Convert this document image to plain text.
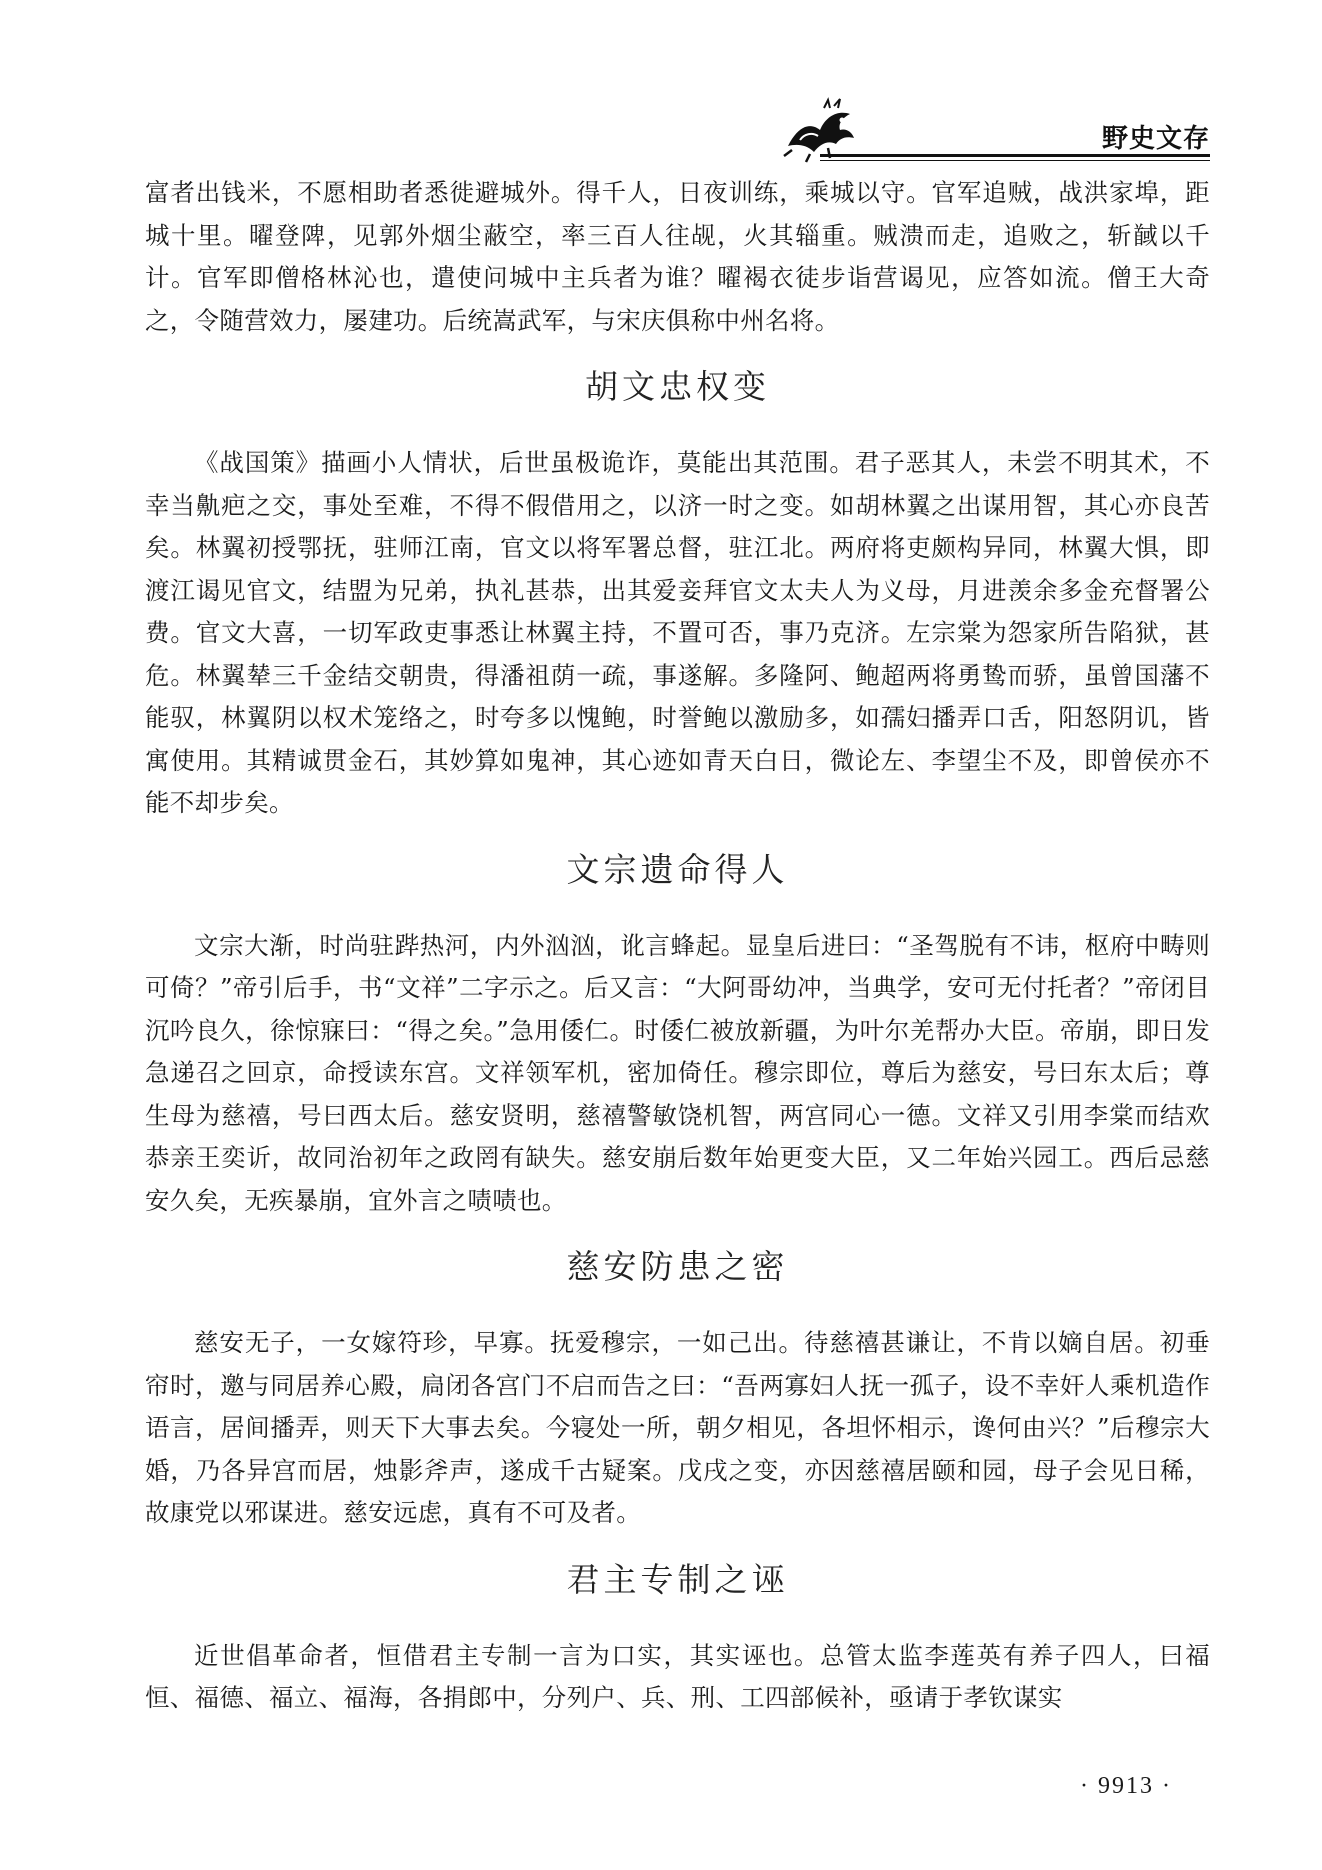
野史文存

富者出钱米，不愿相助者悉徙避城外。得千人，日夜训练，乘城以守。官军追贼，战洪家埠，距城十里。曜登陴，见郭外烟尘蔽空，率三百人往觇，火其辎重。贼溃而走，追败之，斩馘以千计。官军即僧格林沁也，遣使问城中主兵者为谁？曜褐衣徒步诣营谒见，应答如流。僧王大奇之，令随营效力，屡建功。后统嵩武军，与宋庆俱称中州名将。

胡文忠权变

《战国策》描画小人情状，后世虽极诡诈，莫能出其范围。君子恶其人，未尝不明其术，不幸当鼽疤之交，事处至难，不得不假借用之，以济一时之变。如胡林翼之出谋用智，其心亦良苦矣。林翼初授鄂抚，驻师江南，官文以将军署总督，驻江北。两府将吏颇构异同，林翼大惧，即渡江谒见官文，结盟为兄弟，执礼甚恭，出其爱妾拜官文太夫人为义母，月进羡余多金充督署公费。官文大喜，一切军政吏事悉让林翼主持，不置可否，事乃克济。左宗棠为怨家所告陷狱，甚危。林翼辇三千金结交朝贵，得潘祖荫一疏，事遂解。多隆阿、鲍超两将勇鸷而骄，虽曾国藩不能驭，林翼阴以权术笼络之，时夸多以愧鲍，时誉鲍以激励多，如孺妇播弄口舌，阳怒阴讥，皆寓使用。其精诚贯金石，其妙算如鬼神，其心迹如青天白日，微论左、李望尘不及，即曾侯亦不能不却步矣。

文宗遗命得人

文宗大渐，时尚驻跸热河，内外汹汹，讹言蜂起。显皇后进曰：“圣驾脱有不讳，枢府中畴则可倚？”帝引后手，书“文祥”二字示之。后又言：“大阿哥幼冲，当典学，安可无付托者？”帝闭目沉吟良久，徐惊寐曰：“得之矣。”急用倭仁。时倭仁被放新疆，为叶尔羌帮办大臣。帝崩，即日发急递召之回京，命授读东宫。文祥领军机，密加倚任。穆宗即位，尊后为慈安，号曰东太后；尊生母为慈禧，号曰西太后。慈安贤明，慈禧警敏饶机智，两宫同心一德。文祥又引用李棠而结欢恭亲王奕䜣，故同治初年之政罔有缺失。慈安崩后数年始更变大臣，又二年始兴园工。西后忌慈安久矣，无疾暴崩，宜外言之啧啧也。

慈安防患之密

慈安无子，一女嫁符珍，早寡。抚爱穆宗，一如己出。待慈禧甚谦让，不肯以嫡自居。初垂帘时，邀与同居养心殿，扃闭各宫门不启而告之曰：“吾两寡妇人抚一孤子，设不幸奸人乘机造作语言，居间播弄，则天下大事去矣。今寝处一所，朝夕相见，各坦怀相示，谗何由兴？”后穆宗大婚，乃各异宫而居，烛影斧声，遂成千古疑案。戊戌之变，亦因慈禧居颐和园，母子会见日稀，故康党以邪谋进。慈安远虑，真有不可及者。

君主专制之诬

近世倡革命者，恒借君主专制一言为口实，其实诬也。总管太监李莲英有养子四人，曰福恒、福德、福立、福海，各捐郎中，分列户、兵、刑、工四部候补，亟请于孝钦谋实

· 9913 ·
